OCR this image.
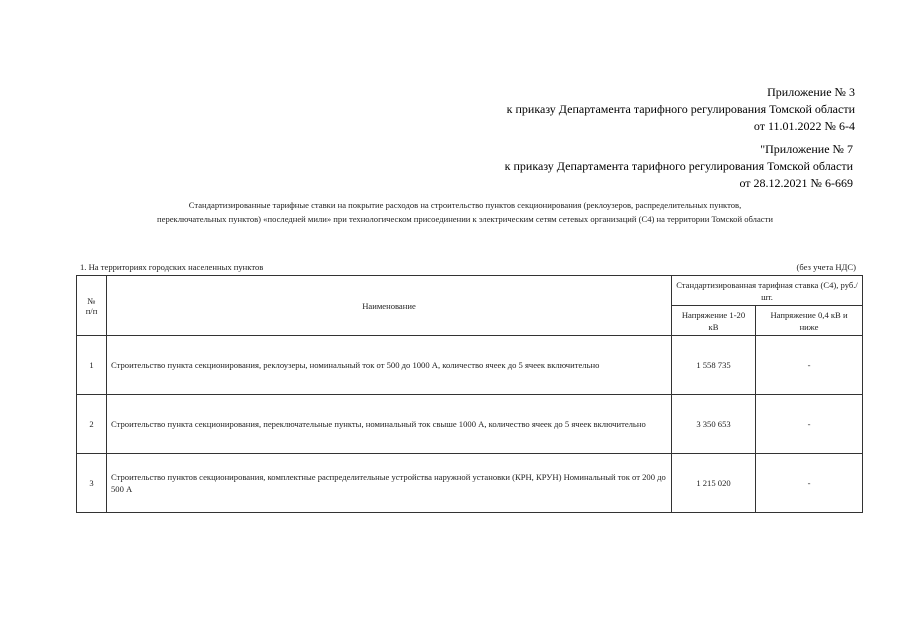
Приложение № 3
к приказу Департамента тарифного регулирования Томской области
от 11.01.2022 № 6-4
"Приложение № 7
к приказу Департамента тарифного регулирования Томской области
от 28.12.2021 № 6-669
Стандартизированные тарифные ставки на покрытие расходов на строительство пунктов секционирования (реклоузеров, распределительных пунктов,
переключательных пунктов) «последней мили» при технологическом присоединении к электрическим сетям сетевых организаций (С4) на территории Томской области
1. На территориях городских населенных пунктов	(без учета НДС)
№
п/п	Наименование	Стандартизированная тарифная ставка (С4), руб./шт.	
		Напряжение 1-20 кВ	Напряжение 0,4 кВ и ниже
1	Строительство пункта секционирования, реклоузеры, номинальный ток от 500 до 1000 А, количество ячеек до 5 ячеек включительно	1 558 735	-
2	Строительство пункта секционирования, переключательные пункты, номинальный ток свыше 1000 А, количество ячеек до 5 ячеек включительно	3 350 653	-
3	Строительство пунктов секционирования, комплектные распределительные устройства наружной установки (КРН, КРУН) Номинальный ток от 200 до 500 А	1 215 020	-
